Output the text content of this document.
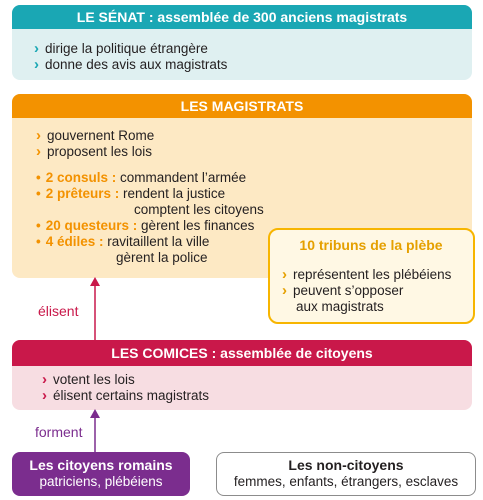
LE SÉNAT : assemblée de 300 anciens magistrats
› dirige la politique étrangère
› donne des avis aux magistrats
LES MAGISTRATS
› gouvernent Rome
› proposent les lois
• 2 consuls : commandent l’armée
• 2 prêteurs : rendent la justice
comptent les citoyens
• 20 questeurs : gèrent les finances
• 4 édiles : ravitaillent la ville
gèrent la police
10 tribuns de la plèbe
› représentent les plébéiens
› peuvent s’opposer
aux magistrats
élisent
LES COMICES : assemblée de citoyens
› votent les lois
› élisent certains magistrats
forment
Les citoyens romains
patriciens, plébéiens
Les non-citoyens
femmes, enfants, étrangers, esclaves
